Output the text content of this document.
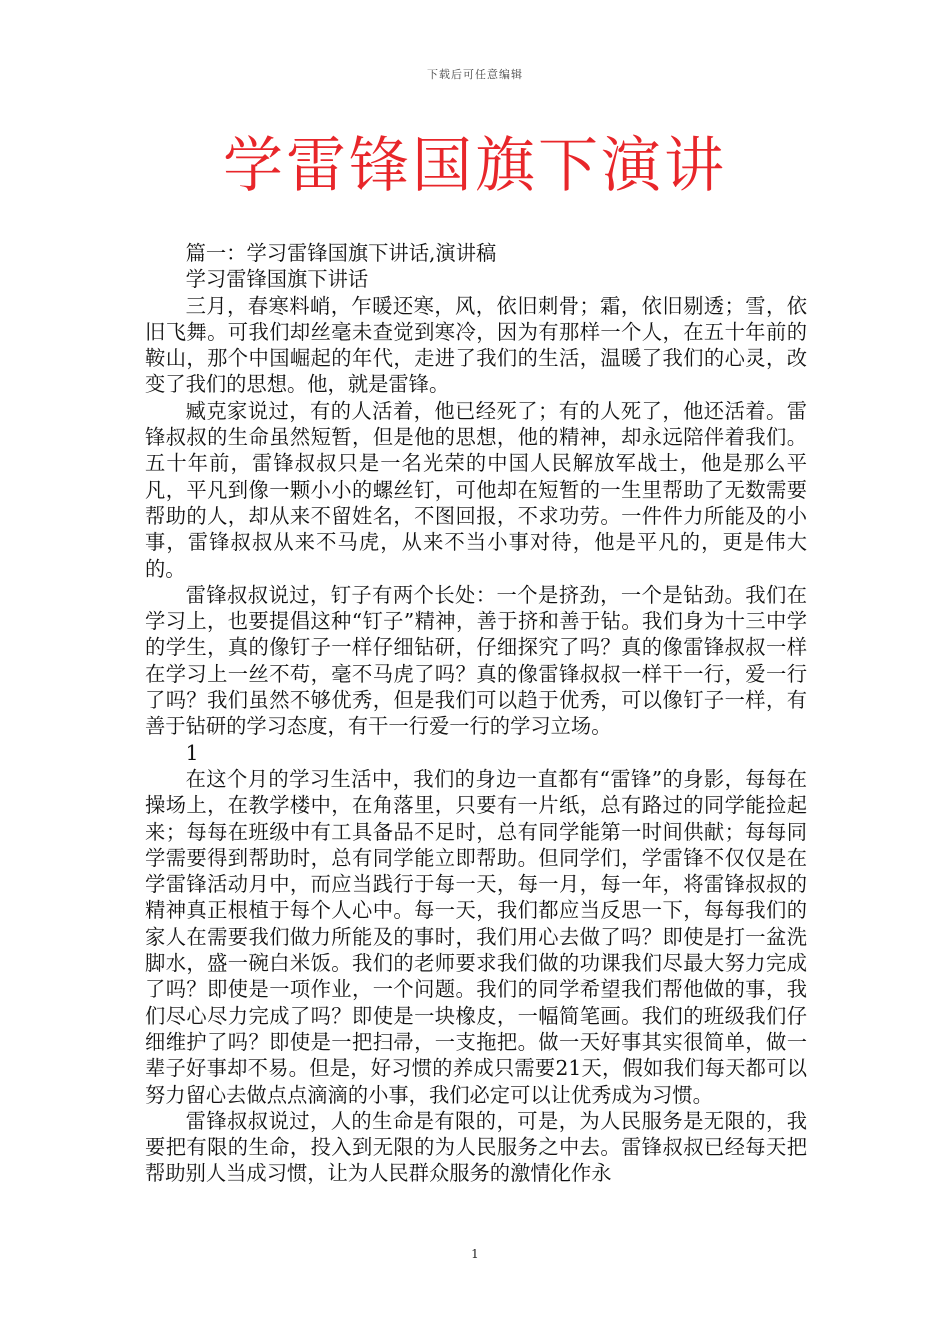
下载后可任意编辑
学雷锋国旗下演讲

篇一：学习雷锋国旗下讲话,演讲稿

学习雷锋国旗下讲话

三月，春寒料峭，乍暖还寒，风，依旧刺骨；霜，依旧剔透；雪，依旧飞舞。可我们却丝毫未查觉到寒冷，因为有那样一个人，在五十年前的鞍山，那个中国崛起的年代，走进了我们的生活，温暖了我们的心灵，改变了我们的思想。他，就是雷锋。

臧克家说过，有的人活着，他已经死了；有的人死了，他还活着。雷锋叔叔的生命虽然短暂，但是他的思想，他的精神，却永远陪伴着我们。五十年前，雷锋叔叔只是一名光荣的中国人民解放军战士，他是那么平凡，平凡到像一颗小小的螺丝钉，可他却在短暂的一生里帮助了无数需要帮助的人，却从来不留姓名，不图回报，不求功劳。一件件力所能及的小事，雷锋叔叔从来不马虎，从来不当小事对待，他是平凡的，更是伟大的。

雷锋叔叔说过，钉子有两个长处：一个是挤劲，一个是钻劲。我们在学习上，也要提倡这种“钉子”精神，善于挤和善于钻。我们身为十三中学的学生，真的像钉子一样仔细钻研，仔细探究了吗？真的像雷锋叔叔一样在学习上一丝不苟，毫不马虎了吗？真的像雷锋叔叔一样干一行，爱一行了吗？我们虽然不够优秀，但是我们可以趋于优秀，可以像钉子一样，有善于钻研的学习态度，有干一行爱一行的学习立场。

1

在这个月的学习生活中，我们的身边一直都有“雷锋”的身影，每每在操场上，在教学楼中，在角落里，只要有一片纸，总有路过的同学能捡起来；每每在班级中有工具备品不足时，总有同学能第一时间供献；每每同学需要得到帮助时，总有同学能立即帮助。但同学们，学雷锋不仅仅是在学雷锋活动月中，而应当践行于每一天，每一月，每一年，将雷锋叔叔的精神真正根植于每个人心中。每一天，我们都应当反思一下，每每我们的家人在需要我们做力所能及的事时，我们用心去做了吗？即使是打一盆洗脚水，盛一碗白米饭。我们的老师要求我们做的功课我们尽最大努力完成了吗？即使是一项作业，一个问题。我们的同学希望我们帮他做的事，我们尽心尽力完成了吗？即使是一块橡皮，一幅简笔画。我们的班级我们仔细维护了吗？即使是一把扫帚，一支拖把。做一天好事其实很简单，做一辈子好事却不易。但是，好习惯的养成只需要21天，假如我们每天都可以努力留心去做点点滴滴的小事，我们必定可以让优秀成为习惯。

雷锋叔叔说过，人的生命是有限的，可是，为人民服务是无限的，我要把有限的生命，投入到无限的为人民服务之中去。雷锋叔叔已经每天把帮助别人当成习惯，让为人民群众服务的激情化作永

1
